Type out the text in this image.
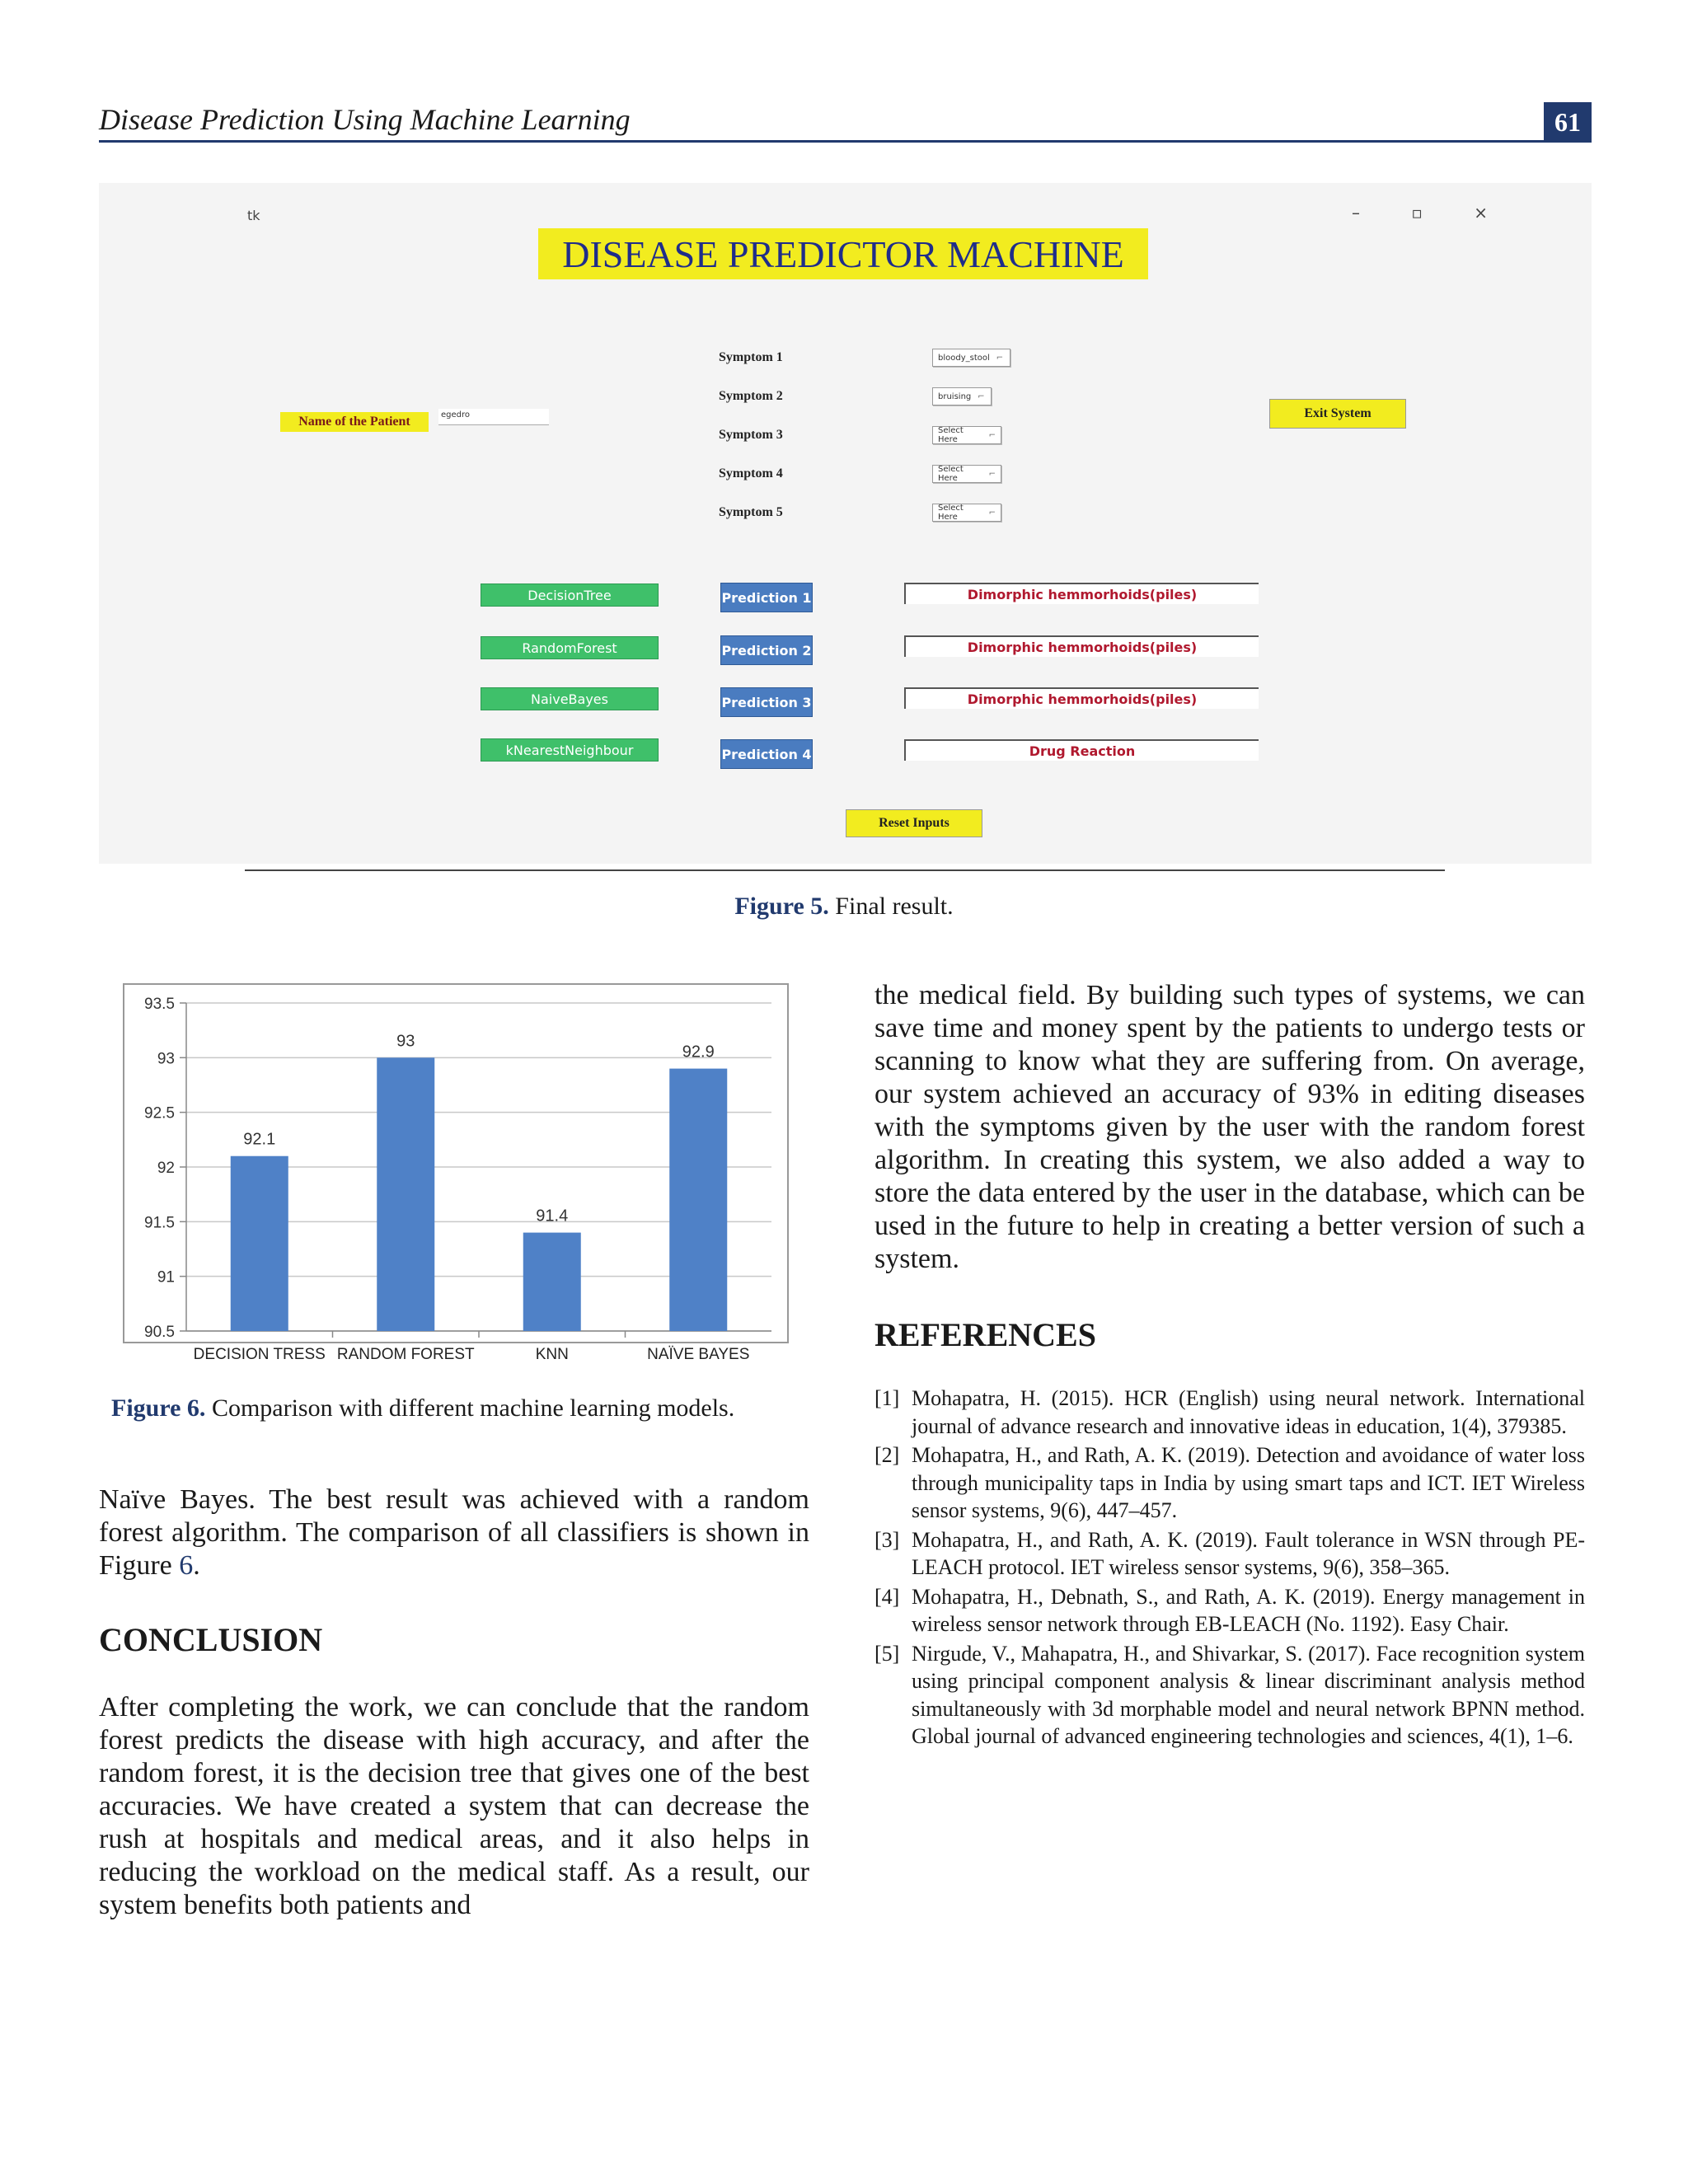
Disease Prediction Using Machine Learning	61
tk	– ▫ ×
DISEASE PREDICTOR MACHINE
Name of the Patient	egedro
Symptom 1
Symptom 2
Symptom 3
Symptom 4
Symptom 5
bloody_stool ⌐
bruising ⌐
Select Here	⌐
Select Here	⌐
Select Here	⌐
Exit System
DecisionTree
RandomForest
NaiveBayes
kNearestNeighbour
Prediction 1
Prediction 2
Prediction 3
Prediction 4
Dimorphic hemmorhoids(piles)
Dimorphic hemmorhoids(piles)
Dimorphic hemmorhoids(piles)
Drug Reaction
Reset Inputs
Figure 5. Final result.
90.5
91
91.5
92
92.5
93
93.5
92.1
DECISION TRESS
93
RANDOM FOREST
91.4
KNN
92.9
NAÏVE BAYES
Figure 6. Comparison with different machine learning models.
Naïve Bayes. The best result was achieved with a random forest algorithm. The comparison of all classifiers is shown in Figure 6.
CONCLUSION
After completing the work, we can conclude that the random forest predicts the disease with high accuracy, and after the random forest, it is the decision tree that gives one of the best accuracies. We have created a system that can decrease the rush at hospitals and medical areas, and it also helps in reducing the workload on the medical staff. As a result, our system benefits both patients and
the medical field. By building such types of systems, we can save time and money spent by the patients to undergo tests or scanning to know what they are suffering from. On average, our system achieved an accuracy of 93% in editing diseases with the symptoms given by the user with the random forest algorithm. In creating this system, we also added a way to store the data entered by the user in the database, which can be used in the future to help in creating a better version of such a system.
REFERENCES
[1] Mohapatra, H. (2015). HCR (English) using neural network. International journal of advance research and innovative ideas in education, 1(4), 379385.
[2] Mohapatra, H., and Rath, A. K. (2019). Detection and avoidance of water loss through municipality taps in India by using smart taps and ICT. IET Wireless sensor systems, 9(6), 447–457.
[3] Mohapatra, H., and Rath, A. K. (2019). Fault tolerance in WSN through PE-LEACH protocol. IET wireless sensor systems, 9(6), 358–365.
[4] Mohapatra, H., Debnath, S., and Rath, A. K. (2019). Energy management in wireless sensor network through EB-LEACH (No. 1192). Easy Chair.
[5] Nirgude, V., Mahapatra, H., and Shivarkar, S. (2017). Face recognition system using principal component analysis & linear discriminant analysis method simultaneously with 3d morphable model and neural network BPNN method. Global journal of advanced engineering technologies and sciences, 4(1), 1–6.
